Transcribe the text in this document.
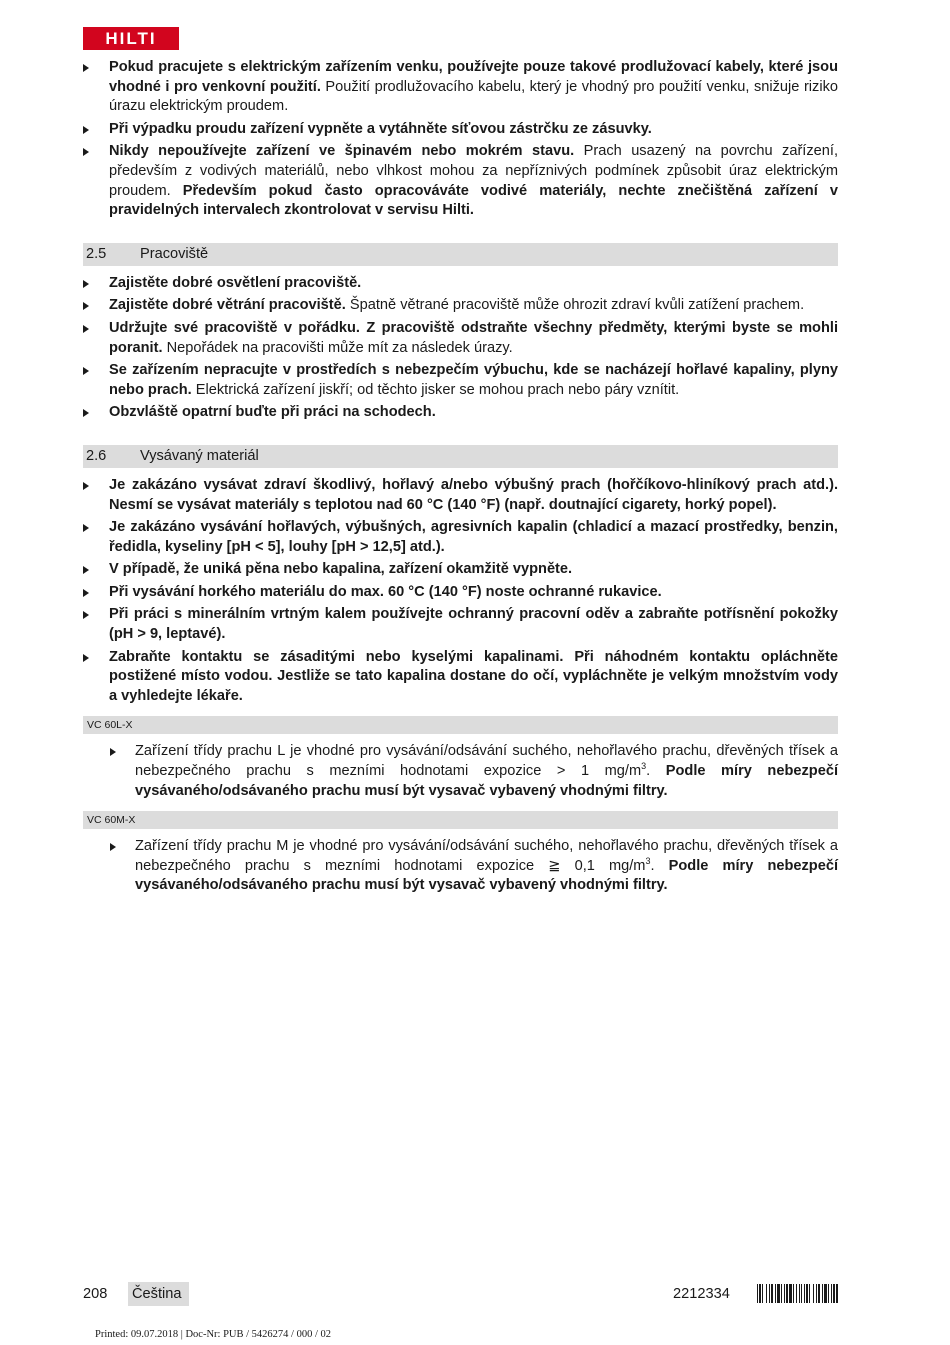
HILTI
Pokud pracujete s elektrickým zařízením venku, používejte pouze takové prodlužovací kabely, které jsou vhodné i pro venkovní použití. Použití prodlužovacího kabelu, který je vhodný pro použití venku, snižuje riziko úrazu elektrickým proudem.
Při výpadku proudu zařízení vypněte a vytáhněte síťovou zástrčku ze zásuvky.
Nikdy nepoužívejte zařízení ve špinavém nebo mokrém stavu. Prach usazený na povrchu zařízení, především z vodivých materiálů, nebo vlhkost mohou za nepříznivých podmínek způsobit úraz elektrickým proudem. Především pokud často opracováváte vodivé materiály, nechte znečištěná zařízení v pravidelných intervalech zkontrolovat v servisu Hilti.
2.5 Pracoviště
Zajistěte dobré osvětlení pracoviště.
Zajistěte dobré větrání pracoviště. Špatně větrané pracoviště může ohrozit zdraví kvůli zatížení prachem.
Udržujte své pracoviště v pořádku. Z pracoviště odstraňte všechny předměty, kterými byste se mohli poranit. Nepořádek na pracovišti může mít za následek úrazy.
Se zařízením nepracujte v prostředích s nebezpečím výbuchu, kde se nacházejí hořlavé kapaliny, plyny nebo prach. Elektrická zařízení jiskří; od těchto jisker se mohou prach nebo páry vznítit.
Obzvláště opatrní buďte při práci na schodech.
2.6 Vysávaný materiál
Je zakázáno vysávat zdraví škodlivý, hořlavý a/nebo výbušný prach (hořčíkovo-hliníkový prach atd.). Nesmí se vysávat materiály s teplotou nad 60 °C (140 °F) (např. doutnající cigarety, horký popel).
Je zakázáno vysávání hořlavých, výbušných, agresivních kapalin (chladicí a mazací prostředky, benzin, ředidla, kyseliny [pH < 5], louhy [pH > 12,5] atd.).
V případě, že uniká pěna nebo kapalina, zařízení okamžitě vypněte.
Při vysávání horkého materiálu do max. 60 °C (140 °F) noste ochranné rukavice.
Při práci s minerálním vrtným kalem používejte ochranný pracovní oděv a zabraňte potřísnění pokožky (pH > 9, leptavé).
Zabraňte kontaktu se zásaditými nebo kyselými kapalinami. Při náhodném kontaktu opláchněte postižené místo vodou. Jestliže se tato kapalina dostane do očí, vypláchněte je velkým množstvím vody a vyhledejte lékaře.
VC 60L-X
Zařízení třídy prachu L je vhodné pro vysávání/odsávání suchého, nehořlavého prachu, dřevěných třísek a nebezpečného prachu s mezními hodnotami expozice > 1 $mg/m^3$. Podle míry nebezpečí vysávaného/odsávaného prachu musí být vysavač vybavený vhodnými filtry.
VC 60M-X
Zařízení třídy prachu M je vhodné pro vysávání/odsávání suchého, nehořlavého prachu, dřevěných třísek a nebezpečného prachu s mezními hodnotami expozice ≧ 0,1 $mg/m^3$. Podle míry nebezpečí vysávaného/odsávaného prachu musí být vysavač vybavený vhodnými filtry.
208 Čeština	2212334
Printed: 09.07.2018 | Doc-Nr: PUB / 5426274 / 000 / 02
